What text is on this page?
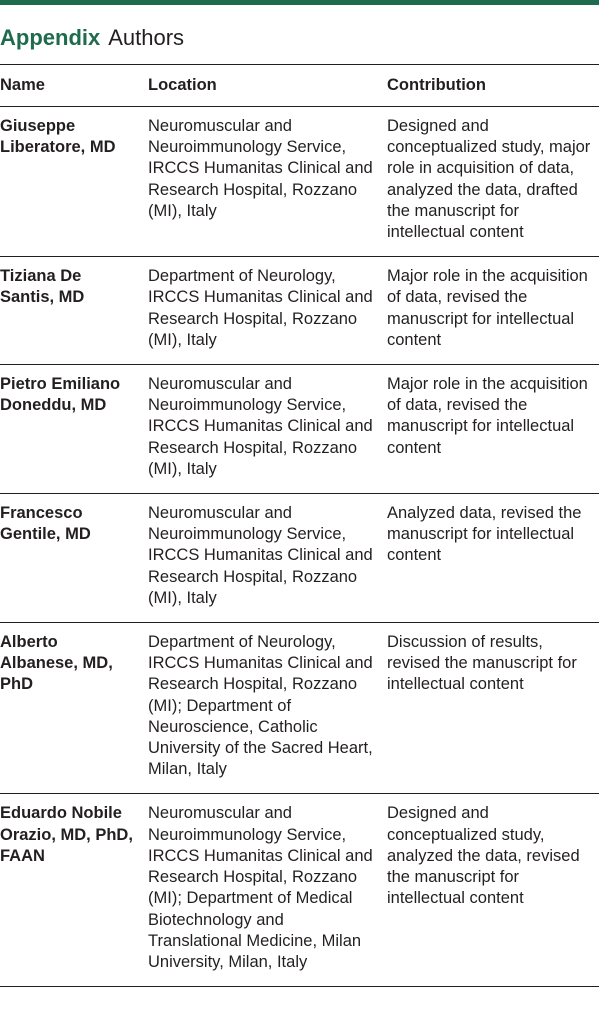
Appendix Authors
Name	Location	Contribution
Giuseppe Liberatore, MD	Neuromuscular and Neuroimmunology Service, IRCCS Humanitas Clinical and Research Hospital, Rozzano (MI), Italy	Designed and conceptualized study, major role in acquisition of data, analyzed the data, drafted the manuscript for intellectual content
Tiziana De Santis, MD	Department of Neurology, IRCCS Humanitas Clinical and Research Hospital, Rozzano (MI), Italy	Major role in the acquisition of data, revised the manuscript for intellectual content
Pietro Emiliano Doneddu, MD	Neuromuscular and Neuroimmunology Service, IRCCS Humanitas Clinical and Research Hospital, Rozzano (MI), Italy	Major role in the acquisition of data, revised the manuscript for intellectual content
Francesco Gentile, MD	Neuromuscular and Neuroimmunology Service, IRCCS Humanitas Clinical and Research Hospital, Rozzano (MI), Italy	Analyzed data, revised the manuscript for intellectual content
Alberto Albanese, MD, PhD	Department of Neurology, IRCCS Humanitas Clinical and Research Hospital, Rozzano (MI); Department of Neuroscience, Catholic University of the Sacred Heart, Milan, Italy	Discussion of results, revised the manuscript for intellectual content
Eduardo Nobile Orazio, MD, PhD, FAAN	Neuromuscular and Neuroimmunology Service, IRCCS Humanitas Clinical and Research Hospital, Rozzano (MI); Department of Medical Biotechnology and Translational Medicine, Milan University, Milan, Italy	Designed and conceptualized study, analyzed the data, revised the manuscript for intellectual content
